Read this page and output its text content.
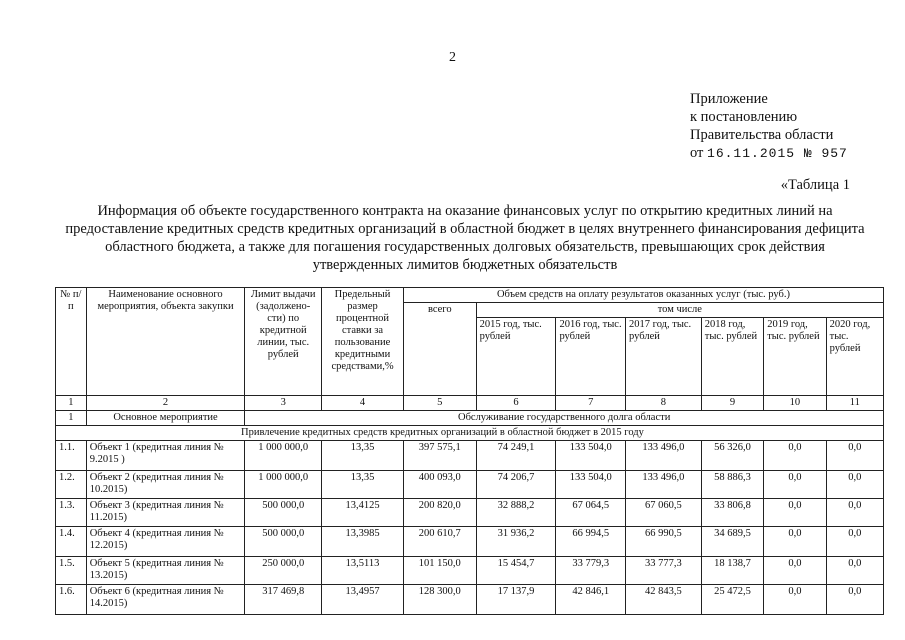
2
Приложение
к постановлению
Правительства области
от 16.11.2015 № 957
«Таблица 1
Информация об объекте государственного контракта на оказание финансовых услуг по открытию кредитных линий на предоставление кредитных средств кредитных организаций в областной бюджет в целях внутреннего финансирования дефицита областного бюджета, а также для погашения государственных долговых обязательств, превышающих срок действия утвержденных лимитов бюджетных обязательств
№ п/п	Наименование основного мероприятия, объекта закупки	Лимит выдачи (задолжено-сти) по кредитной линии, тыс. рублей	Предельный размер процентной ставки за пользование кредитными средствами,%	Объем средств на оплату результатов оказанных услуг (тыс. руб.)						
				всего	том числе					
					2015 год, тыс. рублей	2016 год, тыс. рублей	2017 год, тыс. рублей	2018 год, тыс. рублей	2019 год, тыс. рублей	2020 год, тыс. рублей
1	2	3	4	5	6	7	8	9	10	11
1	Основное мероприятие	Обслуживание государственного долга области								
Привлечение кредитных средств кредитных организаций в областной бюджет в 2015 году										
1.1.	Объект 1 (кредитная линия № 9.2015 )	1 000 000,0	13,35	397 575,1	74 249,1	133 504,0	133 496,0	56 326,0	0,0	0,0
1.2.	Объект 2 (кредитная линия № 10.2015)	1 000 000,0	13,35	400 093,0	74 206,7	133 504,0	133 496,0	58 886,3	0,0	0,0
1.3.	Объект 3 (кредитная линия № 11.2015)	500 000,0	13,4125	200 820,0	32 888,2	67 064,5	67 060,5	33 806,8	0,0	0,0
1.4.	Объект 4 (кредитная линия № 12.2015)	500 000,0	13,3985	200 610,7	31 936,2	66 994,5	66 990,5	34 689,5	0,0	0,0
1.5.	Объект 5 (кредитная линия № 13.2015)	250 000,0	13,5113	101 150,0	15 454,7	33 779,3	33 777,3	18 138,7	0,0	0,0
1.6.	Объект 6 (кредитная линия № 14.2015)	317 469,8	13,4957	128 300,0	17 137,9	42 846,1	42 843,5	25 472,5	0,0	0,0
